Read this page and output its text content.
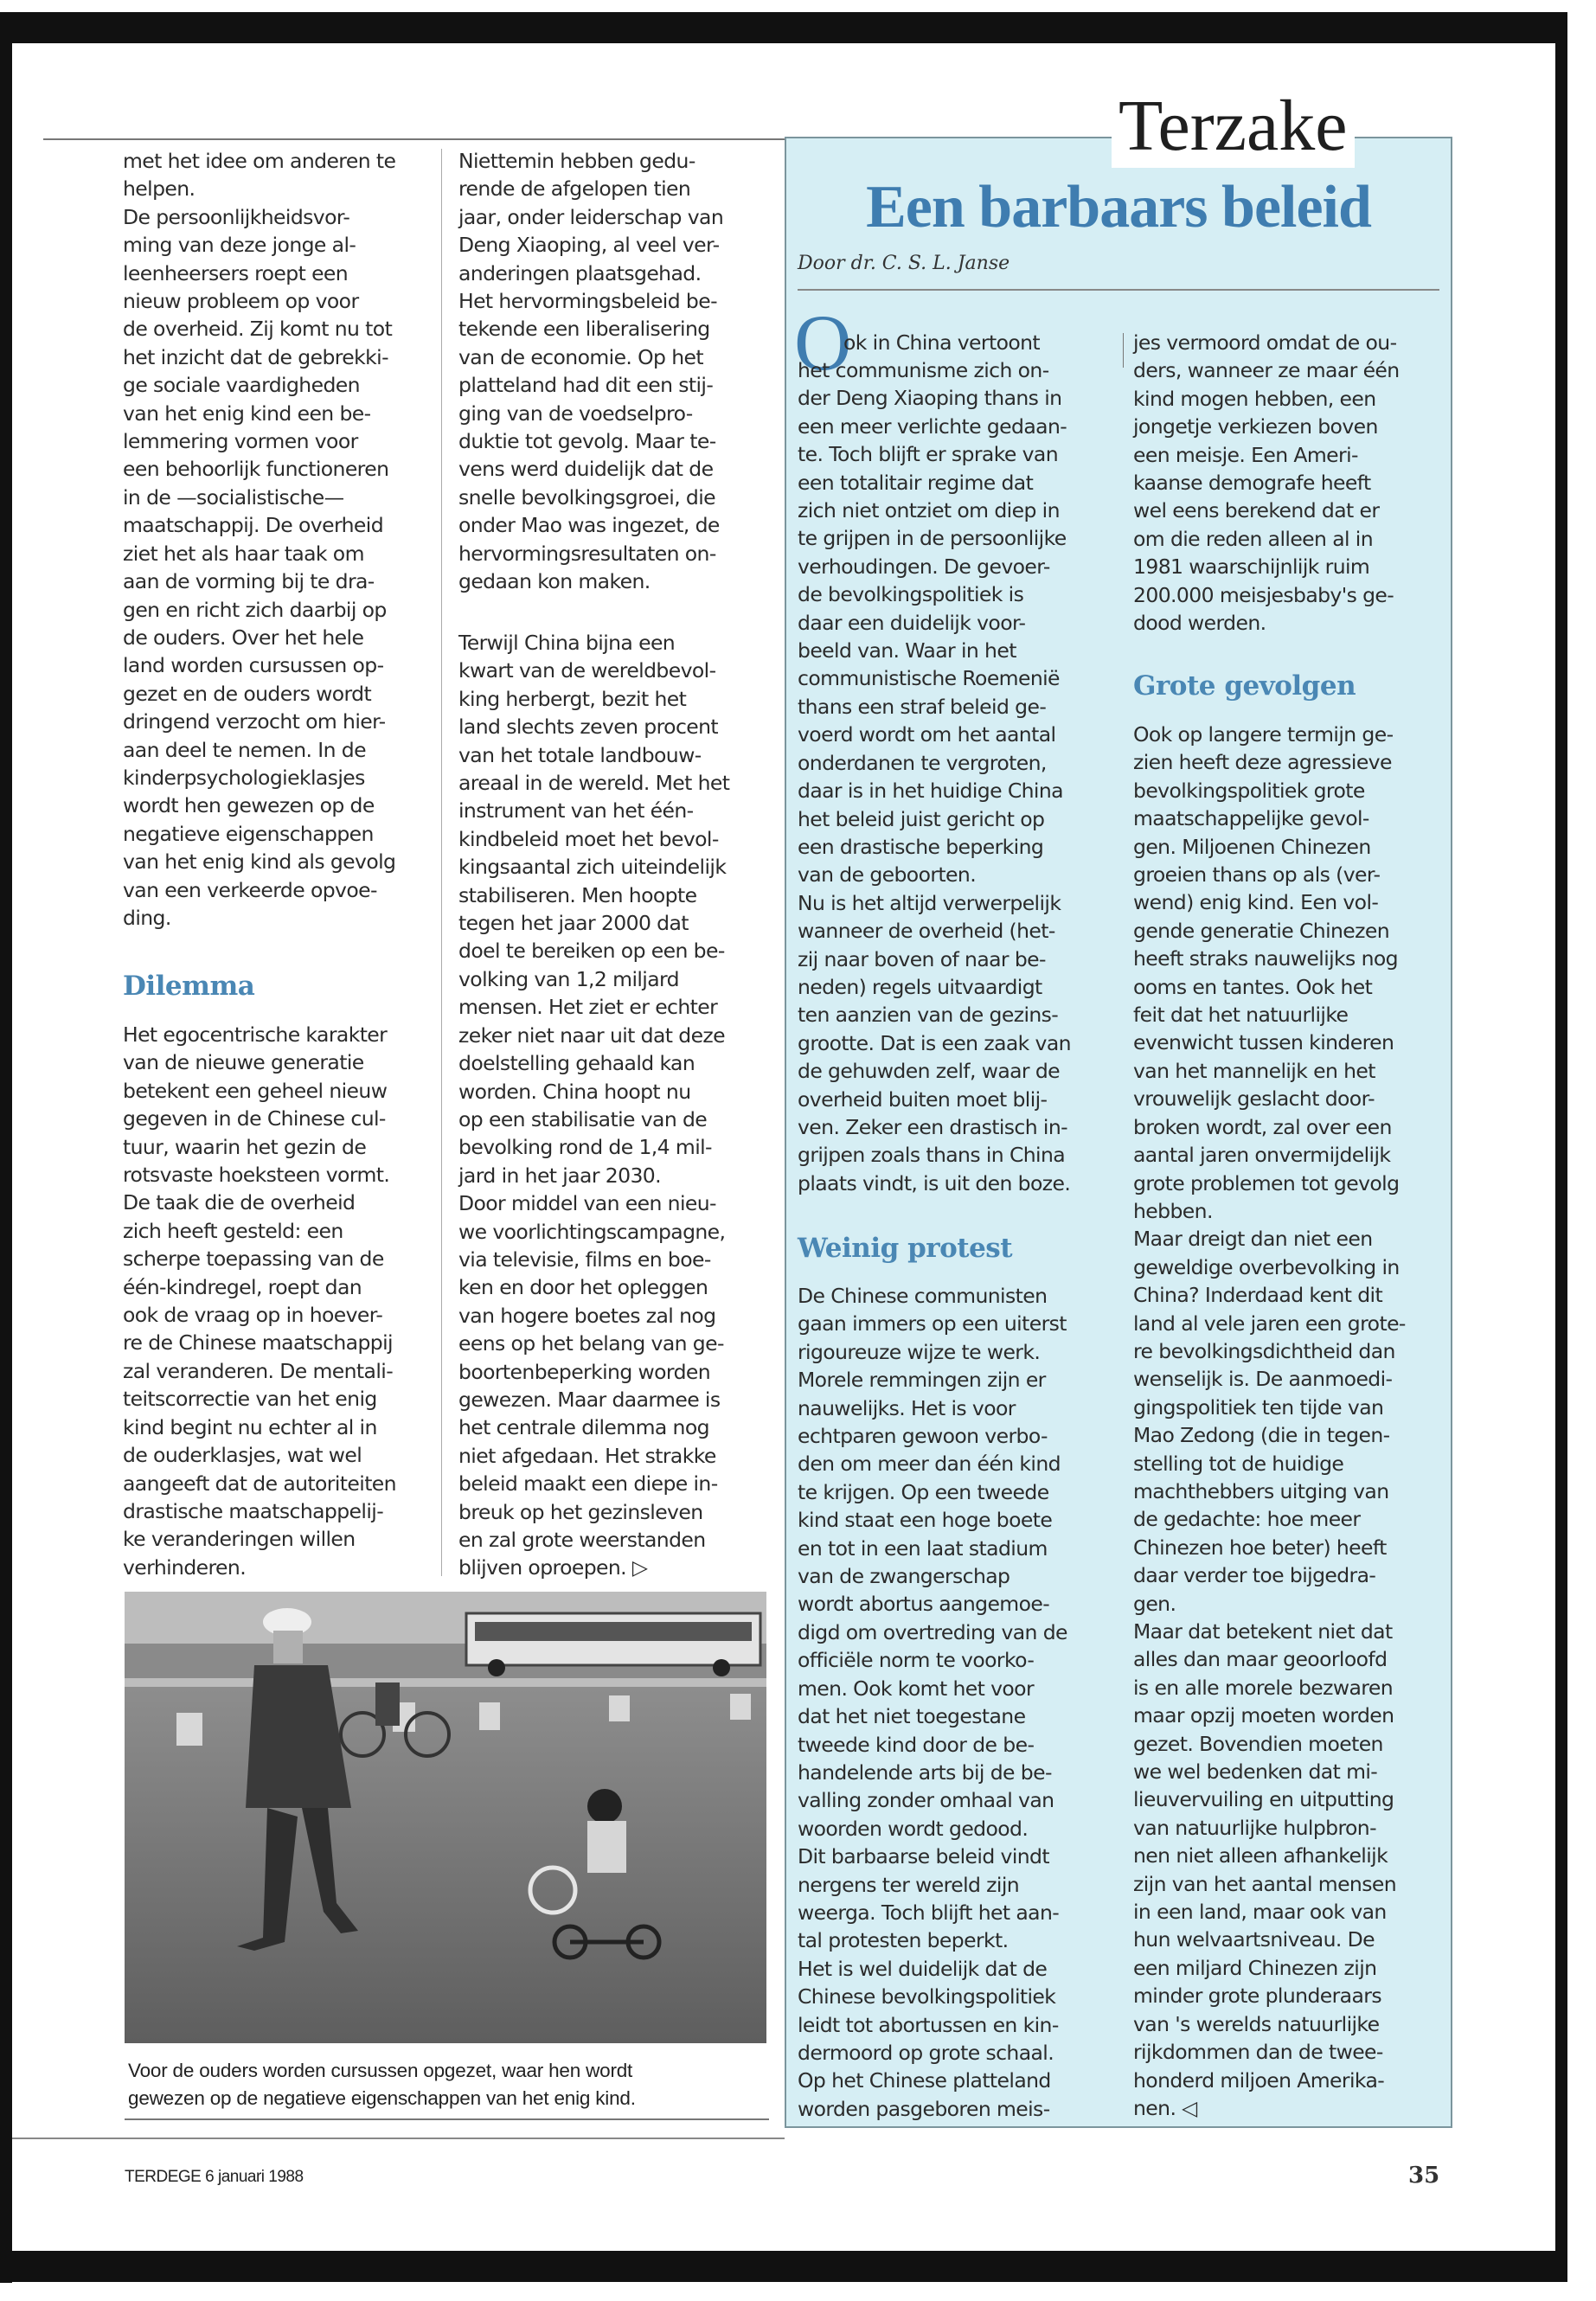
met het idee om anderen te
helpen.
De persoonlijkheidsvor-
ming van deze jonge al-
leenheersers roept een
nieuw probleem op voor
de overheid. Zij komt nu tot
het inzicht dat de gebrekki-
ge sociale vaardigheden
van het enig kind een be-
lemmering vormen voor
een behoorlijk functioneren
in de —socialistische—
maatschappij. De overheid
ziet het als haar taak om
aan de vorming bij te dra-
gen en richt zich daarbij op
de ouders. Over het hele
land worden cursussen op-
gezet en de ouders wordt
dringend verzocht om hier-
aan deel te nemen. In de
kinderpsychologieklasjes
wordt hen gewezen op de
negatieve eigenschappen
van het enig kind als gevolg
van een verkeerde opvoe-
ding.
Dilemma
Het egocentrische karakter
van de nieuwe generatie
betekent een geheel nieuw
gegeven in de Chinese cul-
tuur, waarin het gezin de
rotsvaste hoeksteen vormt.
De taak die de overheid
zich heeft gesteld: een
scherpe toepassing van de
één-kindregel, roept dan
ook de vraag op in hoever-
re de Chinese maatschappij
zal veranderen. De mentali-
teitscorrectie van het enig
kind begint nu echter al in
de ouderklasjes, wat wel
aangeeft dat de autoriteiten
drastische maatschappelij-
ke veranderingen willen
verhinderen.
Niettemin hebben gedu-
rende de afgelopen tien
jaar, onder leiderschap van
Deng Xiaoping, al veel ver-
anderingen plaatsgehad.
Het hervormingsbeleid be-
tekende een liberalisering
van de economie. Op het
platteland had dit een stij-
ging van de voedselpro-
duktie tot gevolg. Maar te-
vens werd duidelijk dat de
snelle bevolkingsgroei, die
onder Mao was ingezet, de
hervormingsresultaten on-
gedaan kon maken.
Terwijl China bijna een
kwart van de wereldbevol-
king herbergt, bezit het
land slechts zeven procent
van het totale landbouw-
areaal in de wereld. Met het
instrument van het één-
kindbeleid moet het bevol-
kingsaantal zich uiteindelijk
stabiliseren. Men hoopte
tegen het jaar 2000 dat
doel te bereiken op een be-
volking van 1,2 miljard
mensen. Het ziet er echter
zeker niet naar uit dat deze
doelstelling gehaald kan
worden. China hoopt nu
op een stabilisatie van de
bevolking rond de 1,4 mil-
jard in het jaar 2030.
Door middel van een nieu-
we voorlichtingscampagne,
via televisie, films en boe-
ken en door het opleggen
van hogere boetes zal nog
eens op het belang van ge-
boortenbeperking worden
gewezen. Maar daarmee is
het centrale dilemma nog
niet afgedaan. Het strakke
beleid maakt een diepe in-
breuk op het gezinsleven
en zal grote weerstanden
blijven oproepen. ▷
Voor de ouders worden cursussen opgezet, waar hen wordt
gewezen op de negatieve eigenschappen van het enig kind.
Terzake
Een barbaars beleid
Door dr. C. S. L. Janse
O
ok in China vertoont
het communisme zich on-
der Deng Xiaoping thans in
een meer verlichte gedaan-
te. Toch blijft er sprake van
een totalitair regime dat
zich niet ontziet om diep in
te grijpen in de persoonlijke
verhoudingen. De gevoer-
de bevolkingspolitiek is
daar een duidelijk voor-
beeld van. Waar in het
communistische Roemenië
thans een straf beleid ge-
voerd wordt om het aantal
onderdanen te vergroten,
daar is in het huidige China
het beleid juist gericht op
een drastische beperking
van de geboorten.
Nu is het altijd verwerpelijk
wanneer de overheid (het-
zij naar boven of naar be-
neden) regels uitvaardigt
ten aanzien van de gezins-
grootte. Dat is een zaak van
de gehuwden zelf, waar de
overheid buiten moet blij-
ven. Zeker een drastisch in-
grijpen zoals thans in China
plaats vindt, is uit den boze.
Weinig protest
De Chinese communisten
gaan immers op een uiterst
rigoureuze wijze te werk.
Morele remmingen zijn er
nauwelijks. Het is voor
echtparen gewoon verbo-
den om meer dan één kind
te krijgen. Op een tweede
kind staat een hoge boete
en tot in een laat stadium
van de zwangerschap
wordt abortus aangemoe-
digd om overtreding van de
officiële norm te voorko-
men. Ook komt het voor
dat het niet toegestane
tweede kind door de be-
handelende arts bij de be-
valling zonder omhaal van
woorden wordt gedood.
Dit barbaarse beleid vindt
nergens ter wereld zijn
weerga. Toch blijft het aan-
tal protesten beperkt.
Het is wel duidelijk dat de
Chinese bevolkingspolitiek
leidt tot abortussen en kin-
dermoord op grote schaal.
Op het Chinese platteland
worden pasgeboren meis-
jes vermoord omdat de ou-
ders, wanneer ze maar één
kind mogen hebben, een
jongetje verkiezen boven
een meisje. Een Ameri-
kaanse demografe heeft
wel eens berekend dat er
om die reden alleen al in
1981 waarschijnlijk ruim
200.000 meisjesbaby's ge-
dood werden.
Grote gevolgen
Ook op langere termijn ge-
zien heeft deze agressieve
bevolkingspolitiek grote
maatschappelijke gevol-
gen. Miljoenen Chinezen
groeien thans op als (ver-
wend) enig kind. Een vol-
gende generatie Chinezen
heeft straks nauwelijks nog
ooms en tantes. Ook het
feit dat het natuurlijke
evenwicht tussen kinderen
van het mannelijk en het
vrouwelijk geslacht door-
broken wordt, zal over een
aantal jaren onvermijdelijk
grote problemen tot gevolg
hebben.
Maar dreigt dan niet een
geweldige overbevolking in
China? Inderdaad kent dit
land al vele jaren een grote-
re bevolkingsdichtheid dan
wenselijk is. De aanmoedi-
gingspolitiek ten tijde van
Mao Zedong (die in tegen-
stelling tot de huidige
machthebbers uitging van
de gedachte: hoe meer
Chinezen hoe beter) heeft
daar verder toe bijgedra-
gen.
Maar dat betekent niet dat
alles dan maar geoorloofd
is en alle morele bezwaren
maar opzij moeten worden
gezet. Bovendien moeten
we wel bedenken dat mi-
lieuvervuiling en uitputting
van natuurlijke hulpbron-
nen niet alleen afhankelijk
zijn van het aantal mensen
in een land, maar ook van
hun welvaartsniveau. De
een miljard Chinezen zijn
minder grote plunderaars
van 's werelds natuurlijke
rijkdommen dan de twee-
honderd miljoen Amerika-
nen. ◁
TERDEGE 6 januari 1988	35
